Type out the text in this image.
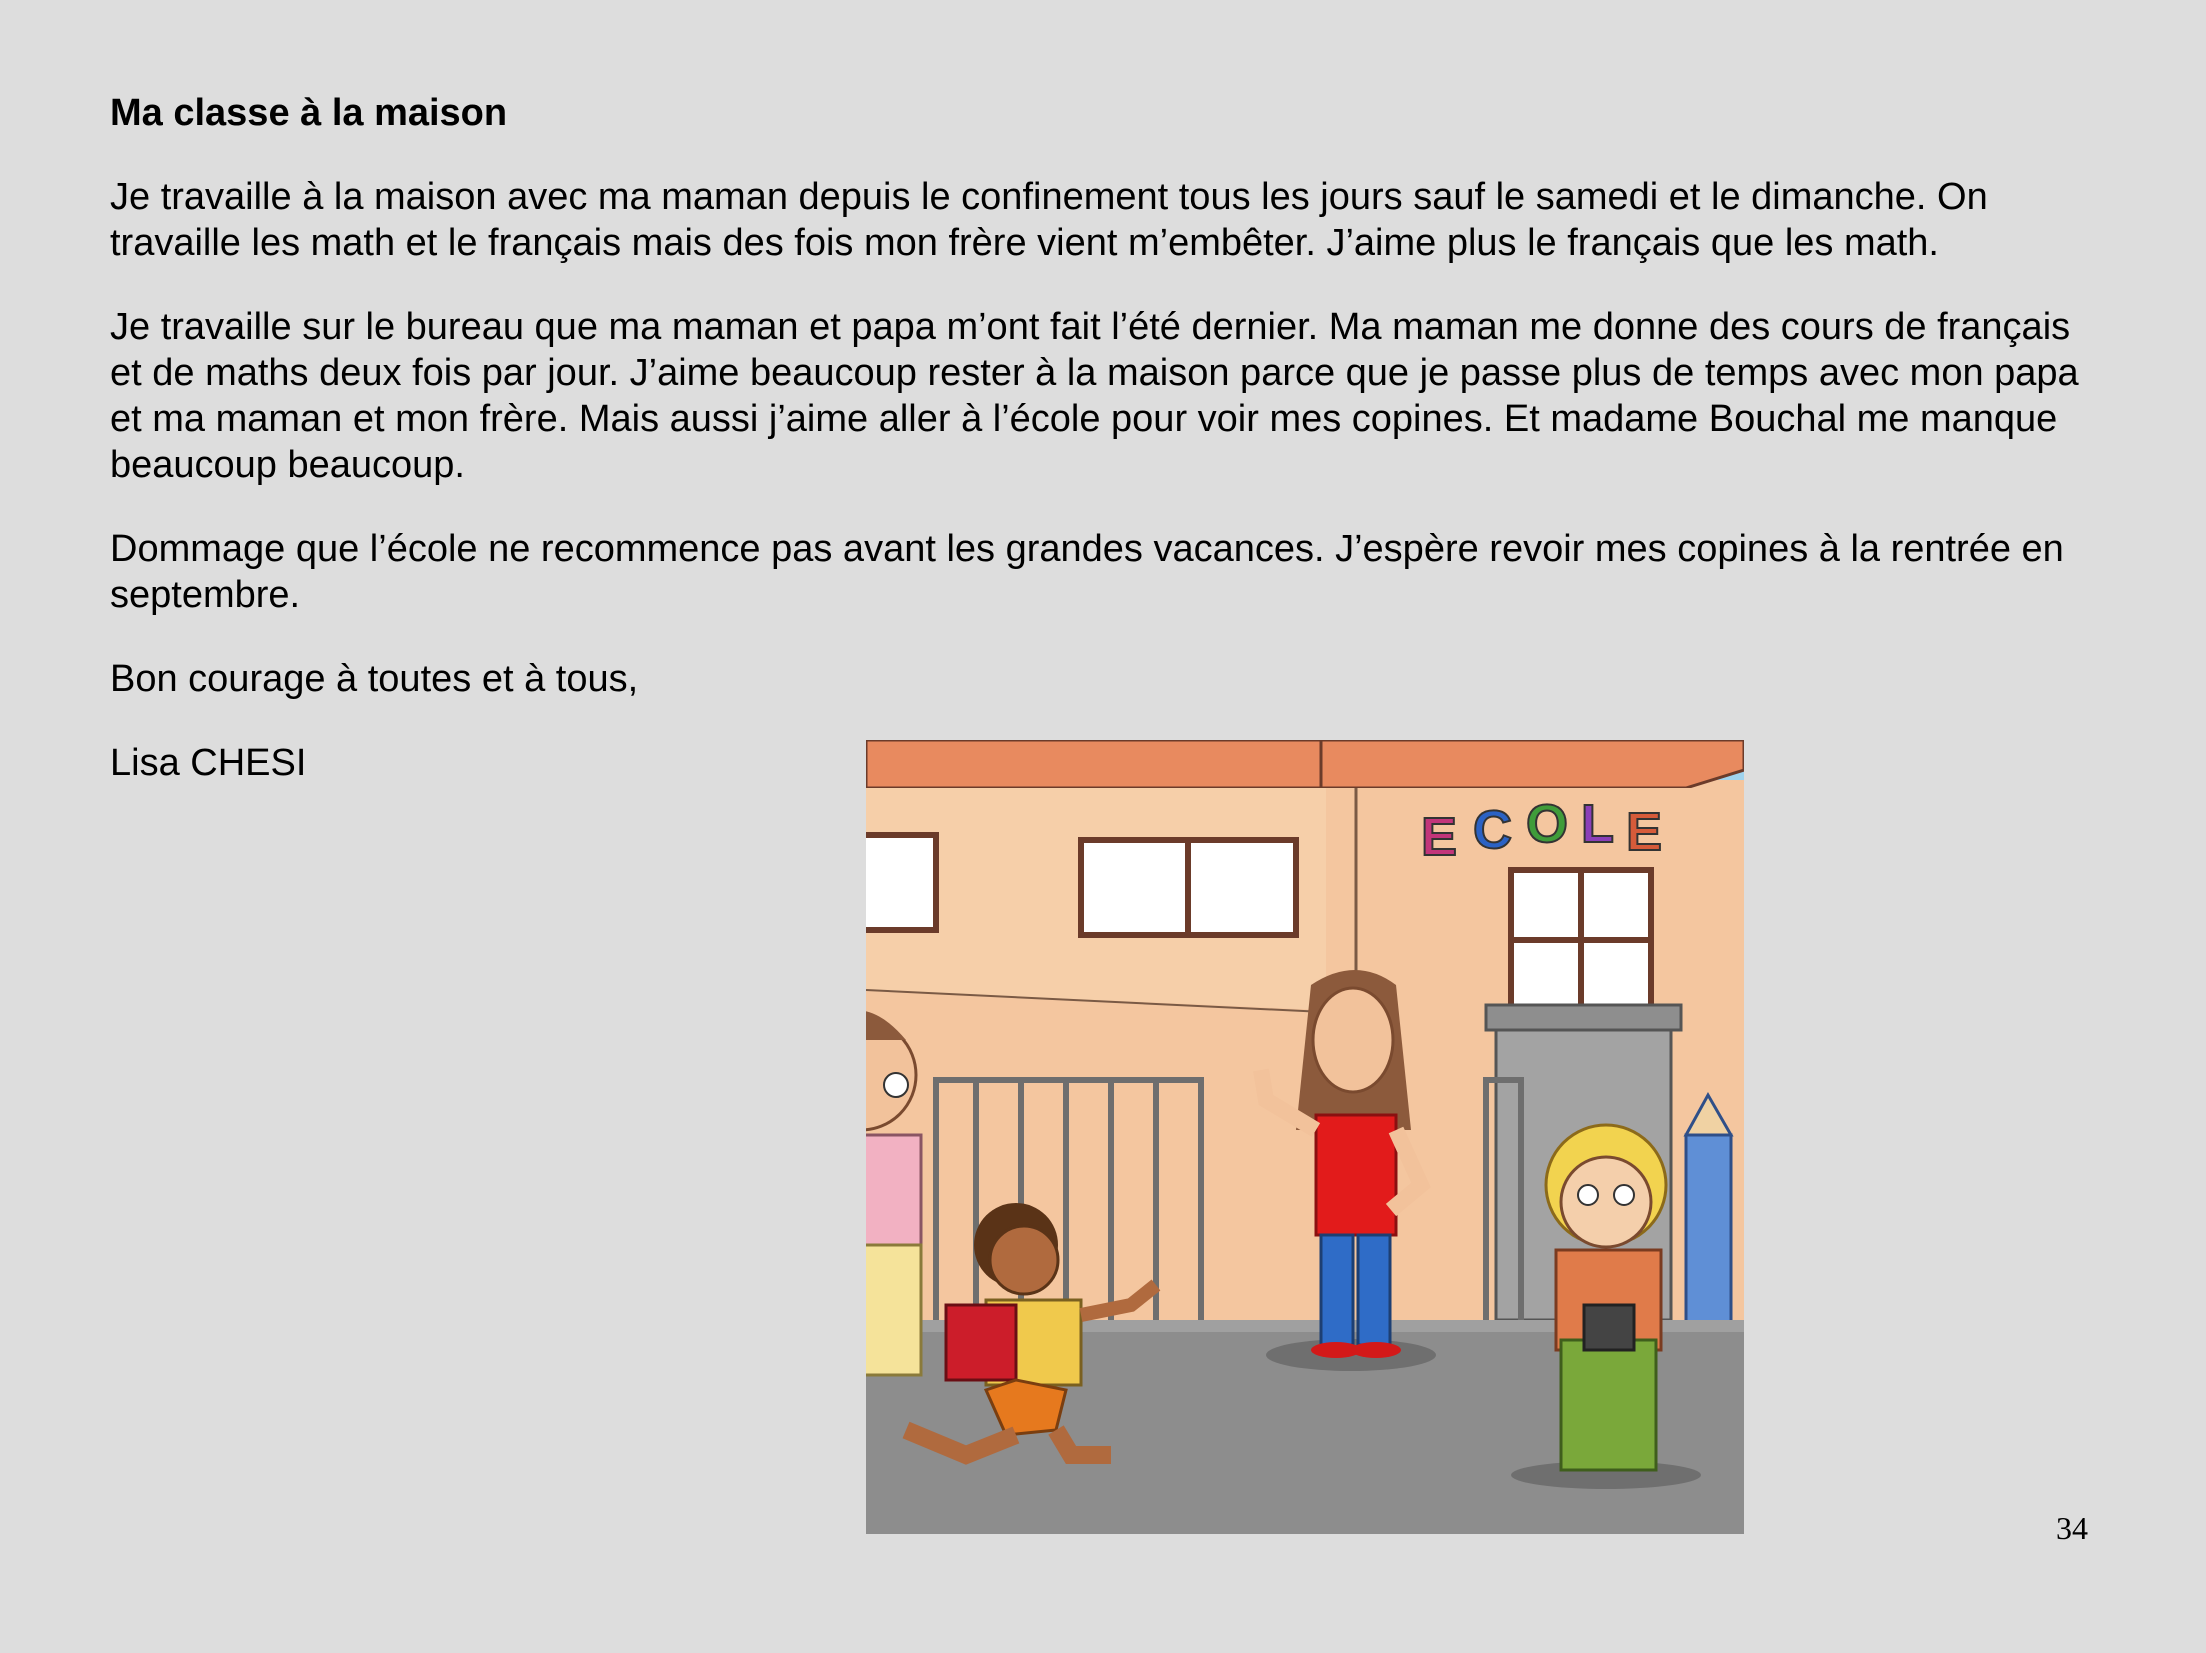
Ma classe à la maison
Je travaille à la maison avec ma maman depuis le confinement tous les jours sauf le samedi et le dimanche. On travaille les math et le français mais des fois mon frère vient m’embêter. J’aime plus le français que les math.
Je travaille sur le bureau que ma maman et papa m’ont fait l’été dernier. Ma maman me donne des cours de français et de maths deux fois par jour. J’aime beaucoup rester à la maison parce que je passe plus de temps avec mon papa et ma maman et mon frère. Mais aussi j’aime aller à l’école pour voir mes copines. Et madame Bouchal me manque beaucoup beaucoup.
Dommage que l’école ne recommence pas avant les grandes vacances. J’espère revoir mes copines à la rentrée en septembre.
Bon courage à toutes et à tous,
Lisa CHESI
E C O L E
34
